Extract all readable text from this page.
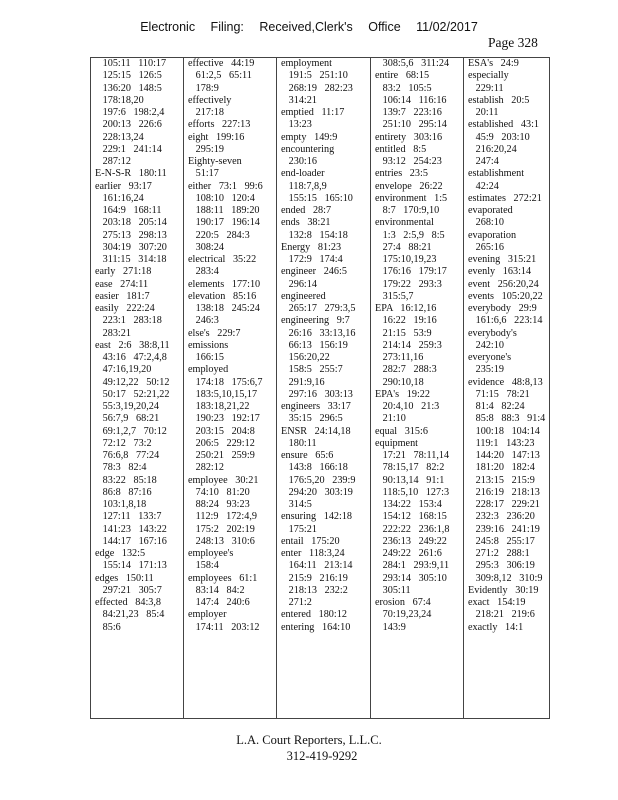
Electronic Filing: Received,Clerk's Office 11/02/2017
Page 328
105:11   110:17
125:15   126:5
136:20   148:5
178:18,20
197:6   198:2,4
200:13   226:6
228:13,24
229:1   241:14
287:12
E-N-S-R   180:11
earlier   93:17
161:16,24
164:9   168:11
203:18   205:14
275:13   298:13
304:19   307:20
311:15   314:18
early   271:18
ease   274:11
easier   181:7
easily   222:24
223:1   283:18
283:21
east   2:6   38:8,11
43:16   47:2,4,8
47:16,19,20
49:12,22   50:12
50:17   52:21,22
55:3,19,20,24
56:7,9   68:21
69:1,2,7   70:12
72:12   73:2
76:6,8   77:24
78:3   82:4
83:22   85:18
86:8   87:16
103:1,8,18
127:11   133:7
141:23   143:22
144:17   167:16
edge   132:5
155:14   171:13
edges   150:11
297:21   305:7
effected   84:3,8
84:21,23   85:4
85:6
effective   44:19
61:2,5   65:11
178:9
effectively
217:18
efforts   227:13
eight   199:16
295:19
Eighty-seven
51:17
either   73:1   99:6
108:10   120:4
188:11   189:20
190:17   196:14
220:5   284:3
308:24
electrical   35:22
283:4
elements   177:10
elevation   85:16
138:18   245:24
246:3
else's   229:7
emissions
166:15
employed
174:18   175:6,7
183:5,10,15,17
183:18,21,22
190:23   192:17
203:15   204:8
206:5   229:12
250:21   259:9
282:12
employee   30:21
74:10   81:20
88:24   93:23
112:9   172:4,9
175:2   202:19
248:13   310:6
employee's
158:4
employees   61:1
83:14   84:2
147:4   240:6
employer
174:11   203:12
employment
191:5   251:10
268:19   282:23
314:21
emptied   11:17
13:23
empty   149:9
encountering
230:16
end-loader
118:7,8,9
155:15   165:10
ended   28:7
ends   38:21
132:8   154:18
Energy   81:23
172:9   174:4
engineer   246:5
296:14
engineered
265:17   279:3,5
engineering   9:7
26:16   33:13,16
66:13   156:19
156:20,22
158:5   255:7
291:9,16
297:16   303:13
engineers   33:17
35:15   296:5
ENSR   24:14,18
180:11
ensure   65:6
143:8   166:18
176:5,20   239:9
294:20   303:19
314:5
ensuring   142:18
175:21
entail   175:20
enter   118:3,24
164:11   213:14
215:9   216:19
218:13   232:2
271:2
entered   180:12
entering   164:10
308:5,6   311:24
entire   68:15
83:2   105:5
106:14   116:16
139:7   223:16
251:10   295:14
entirety   303:16
entitled   8:5
93:12   254:23
entries   23:5
envelope   26:22
environment   1:5
8:7   170:9,10
environmental
1:3   2:5,9   8:5
27:4   88:21
175:10,19,23
176:16   179:17
179:22   293:3
315:5,7
EPA   16:12,16
16:22   19:16
21:15   53:9
214:14   259:3
273:11,16
282:7   288:3
290:10,18
EPA's   19:22
20:4,10   21:3
21:10
equal   315:6
equipment
17:21   78:11,14
78:15,17   82:2
90:13,14   91:1
118:5,10   127:3
134:22   153:4
154:12   168:15
222:22   236:1,8
236:13   249:22
249:22   261:6
284:1   293:9,11
293:14   305:10
305:11
erosion   67:4
70:19,23,24
143:9
ESA's   24:9
especially
229:11
establish   20:5
20:11
established   43:1
45:9   203:10
216:20,24
247:4
establishment
42:24
estimates   272:21
evaporated
268:10
evaporation
265:16
evening   315:21
evenly   163:14
event   256:20,24
events   105:20,22
everybody   29:9
161:6,6   223:14
everybody's
242:10
everyone's
235:19
evidence   48:8,13
71:15   78:21
81:4   82:24
85:8   88:3   91:4
100:18   104:14
119:1   143:23
144:20   147:13
181:20   182:4
213:15   215:9
216:19   218:13
228:17   229:21
232:3   236:20
239:16   241:19
245:8   255:17
271:2   288:1
295:3   306:19
309:8,12   310:9
Evidently   30:19
exact   154:19
218:21   219:6
exactly   14:1
L.A. Court Reporters, L.L.C.
312-419-9292
